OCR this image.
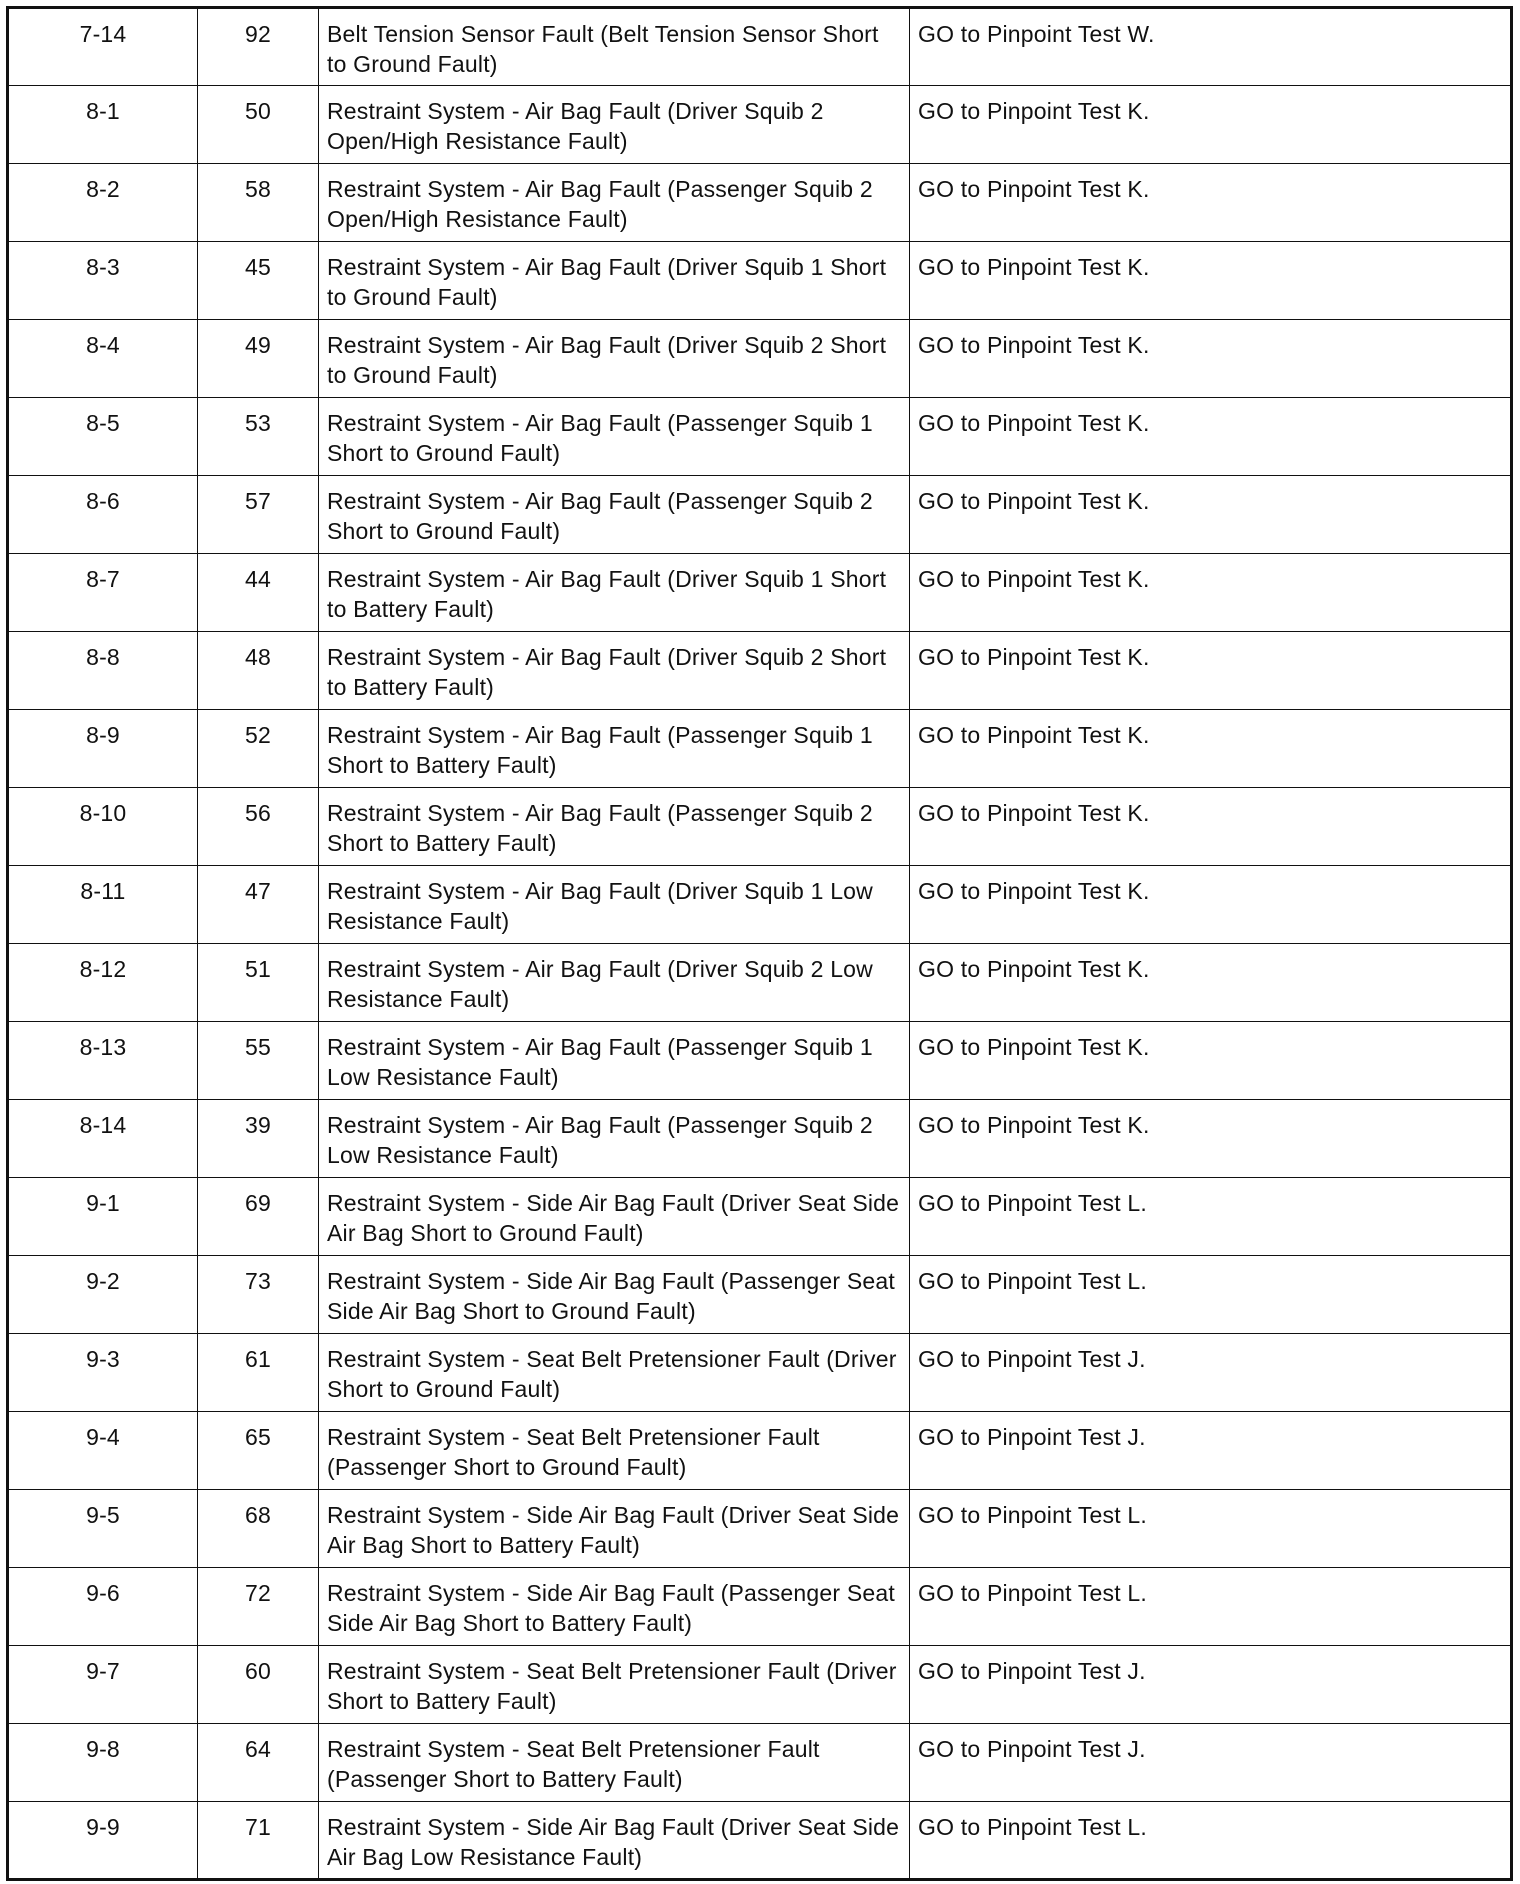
7-14	92	Belt Tension Sensor Fault (Belt Tension Sensor Short to Ground Fault)	GO to Pinpoint Test W.
8-1	50	Restraint System - Air Bag Fault (Driver Squib 2 Open/High Resistance Fault)	GO to Pinpoint Test K.
8-2	58	Restraint System - Air Bag Fault (Passenger Squib 2 Open/High Resistance Fault)	GO to Pinpoint Test K.
8-3	45	Restraint System - Air Bag Fault (Driver Squib 1 Short to Ground Fault)	GO to Pinpoint Test K.
8-4	49	Restraint System - Air Bag Fault (Driver Squib 2 Short to Ground Fault)	GO to Pinpoint Test K.
8-5	53	Restraint System - Air Bag Fault (Passenger Squib 1 Short to Ground Fault)	GO to Pinpoint Test K.
8-6	57	Restraint System - Air Bag Fault (Passenger Squib 2 Short to Ground Fault)	GO to Pinpoint Test K.
8-7	44	Restraint System - Air Bag Fault (Driver Squib 1 Short to Battery Fault)	GO to Pinpoint Test K.
8-8	48	Restraint System - Air Bag Fault (Driver Squib 2 Short to Battery Fault)	GO to Pinpoint Test K.
8-9	52	Restraint System - Air Bag Fault (Passenger Squib 1 Short to Battery Fault)	GO to Pinpoint Test K.
8-10	56	Restraint System - Air Bag Fault (Passenger Squib 2 Short to Battery Fault)	GO to Pinpoint Test K.
8-11	47	Restraint System - Air Bag Fault (Driver Squib 1 Low Resistance Fault)	GO to Pinpoint Test K.
8-12	51	Restraint System - Air Bag Fault (Driver Squib 2 Low Resistance Fault)	GO to Pinpoint Test K.
8-13	55	Restraint System - Air Bag Fault (Passenger Squib 1 Low Resistance Fault)	GO to Pinpoint Test K.
8-14	39	Restraint System - Air Bag Fault (Passenger Squib 2 Low Resistance Fault)	GO to Pinpoint Test K.
9-1	69	Restraint System - Side Air Bag Fault (Driver Seat Side Air Bag Short to Ground Fault)	GO to Pinpoint Test L.
9-2	73	Restraint System - Side Air Bag Fault (Passenger Seat Side Air Bag Short to Ground Fault)	GO to Pinpoint Test L.
9-3	61	Restraint System - Seat Belt Pretensioner Fault (Driver Short to Ground Fault)	GO to Pinpoint Test J.
9-4	65	Restraint System - Seat Belt Pretensioner Fault (Passenger Short to Ground Fault)	GO to Pinpoint Test J.
9-5	68	Restraint System - Side Air Bag Fault (Driver Seat Side Air Bag Short to Battery Fault)	GO to Pinpoint Test L.
9-6	72	Restraint System - Side Air Bag Fault (Passenger Seat Side Air Bag Short to Battery Fault)	GO to Pinpoint Test L.
9-7	60	Restraint System - Seat Belt Pretensioner Fault (Driver Short to Battery Fault)	GO to Pinpoint Test J.
9-8	64	Restraint System - Seat Belt Pretensioner Fault (Passenger Short to Battery Fault)	GO to Pinpoint Test J.
9-9	71	Restraint System - Side Air Bag Fault (Driver Seat Side Air Bag Low Resistance Fault)	GO to Pinpoint Test L.
